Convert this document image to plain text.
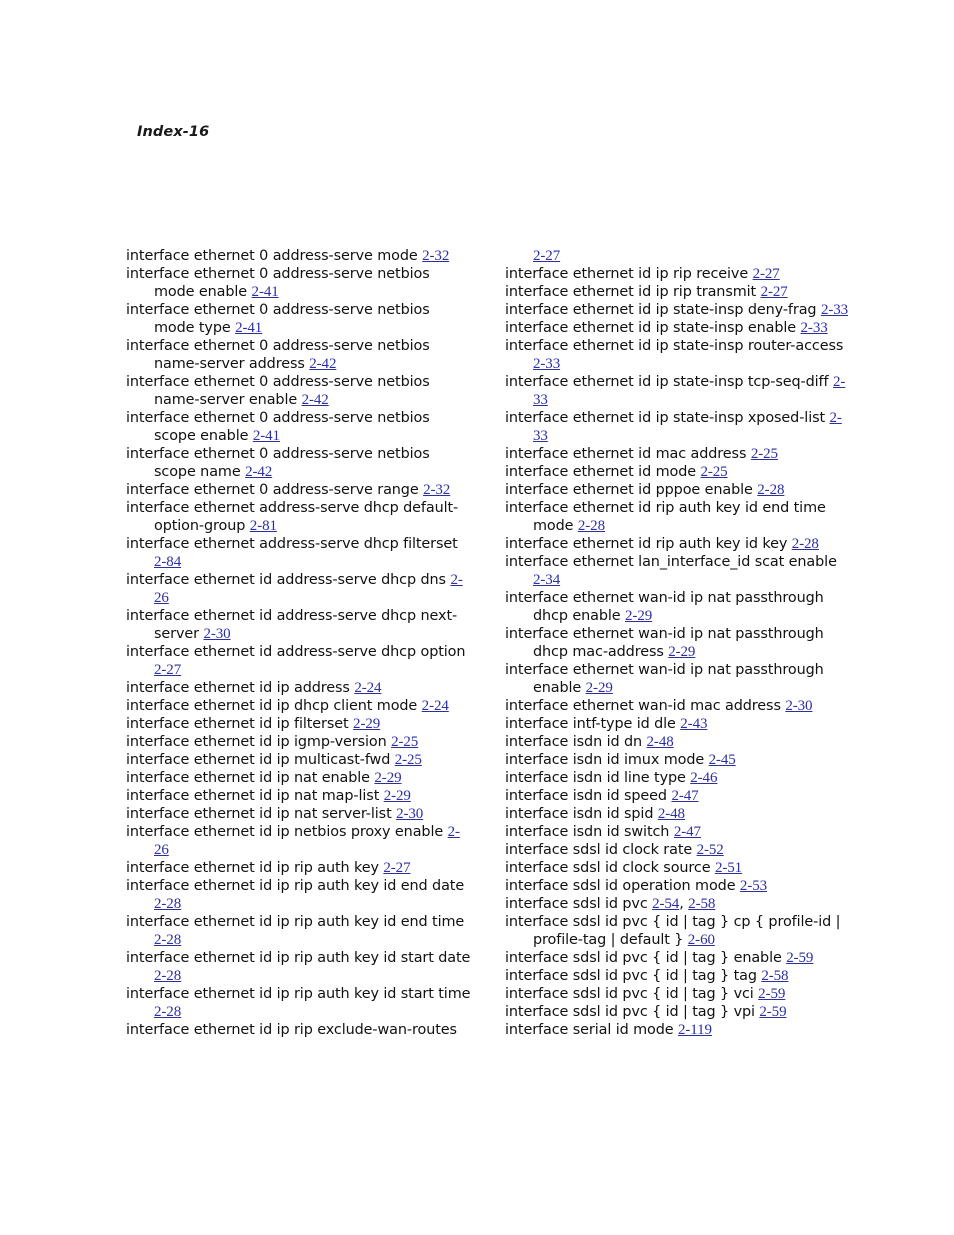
Index-16
interface ethernet 0 address-serve mode 2-32
interface ethernet 0 address-serve netbios mode enable 2-41
interface ethernet 0 address-serve netbios mode type 2-41
interface ethernet 0 address-serve netbios name-server address 2-42
interface ethernet 0 address-serve netbios name-server enable 2-42
interface ethernet 0 address-serve netbios scope enable 2-41
interface ethernet 0 address-serve netbios scope name 2-42
interface ethernet 0 address-serve range 2-32
interface ethernet address-serve dhcp default-option-group 2-81
interface ethernet address-serve dhcp filterset 2-84
interface ethernet id address-serve dhcp dns 2-26
interface ethernet id address-serve dhcp next-server 2-30
interface ethernet id address-serve dhcp option 2-27
interface ethernet id ip address 2-24
interface ethernet id ip dhcp client mode 2-24
interface ethernet id ip filterset 2-29
interface ethernet id ip igmp-version 2-25
interface ethernet id ip multicast-fwd 2-25
interface ethernet id ip nat enable 2-29
interface ethernet id ip nat map-list 2-29
interface ethernet id ip nat server-list 2-30
interface ethernet id ip netbios proxy enable 2-26
interface ethernet id ip rip auth key 2-27
interface ethernet id ip rip auth key id end date 2-28
interface ethernet id ip rip auth key id end time 2-28
interface ethernet id ip rip auth key id start date 2-28
interface ethernet id ip rip auth key id start time 2-28
interface ethernet id ip rip exclude-wan-routes
2-27
interface ethernet id ip rip receive 2-27
interface ethernet id ip rip transmit 2-27
interface ethernet id ip state-insp deny-frag 2-33
interface ethernet id ip state-insp enable 2-33
interface ethernet id ip state-insp router-access 2-33
interface ethernet id ip state-insp tcp-seq-diff 2-33
interface ethernet id ip state-insp xposed-list 2-33
interface ethernet id mac address 2-25
interface ethernet id mode 2-25
interface ethernet id pppoe enable 2-28
interface ethernet id rip auth key id end time mode 2-28
interface ethernet id rip auth key id key 2-28
interface ethernet lan_interface_id scat enable 2-34
interface ethernet wan-id ip nat passthrough dhcp enable 2-29
interface ethernet wan-id ip nat passthrough dhcp mac-address 2-29
interface ethernet wan-id ip nat passthrough enable 2-29
interface ethernet wan-id mac address 2-30
interface intf-type id dle 2-43
interface isdn id dn 2-48
interface isdn id imux mode 2-45
interface isdn id line type 2-46
interface isdn id speed 2-47
interface isdn id spid 2-48
interface isdn id switch 2-47
interface sdsl id clock rate 2-52
interface sdsl id clock source 2-51
interface sdsl id operation mode 2-53
interface sdsl id pvc 2-54, 2-58
interface sdsl id pvc { id | tag } cp { profile-id | profile-tag | default } 2-60
interface sdsl id pvc { id | tag } enable 2-59
interface sdsl id pvc { id | tag } tag 2-58
interface sdsl id pvc { id | tag } vci 2-59
interface sdsl id pvc { id | tag } vpi 2-59
interface serial id mode 2-119
